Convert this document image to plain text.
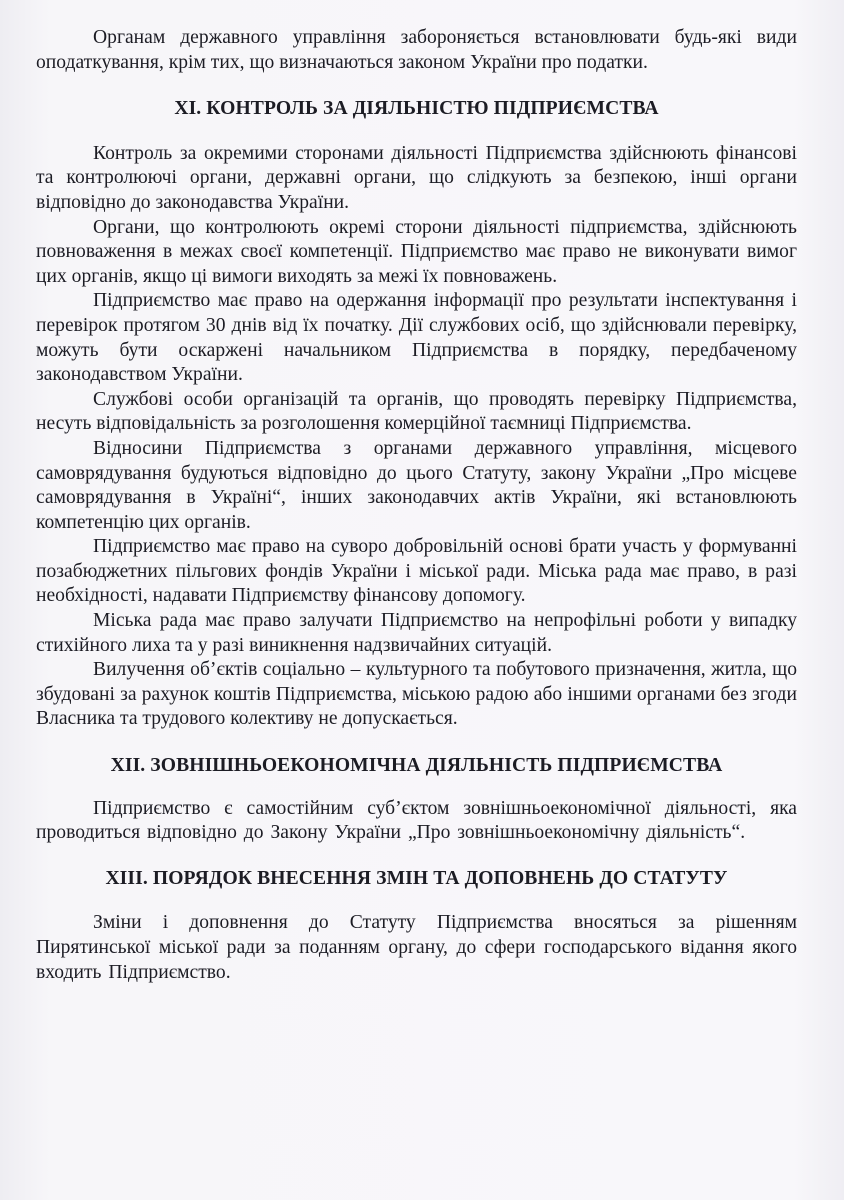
Органам державного управління забороняється встановлювати будь-які види оподаткування, крім тих, що визначаються законом України про податки.

XI. КОНТРОЛЬ ЗА ДІЯЛЬНІСТЮ ПІДПРИЄМСТВА

Контроль за окремими сторонами діяльності Підприємства здійснюють фінансові та контролюючі органи, державні органи, що слідкують за безпекою, інші органи відповідно до законодавства України.

Органи, що контролюють окремі сторони діяльності підприємства, здійснюють повноваження в межах своєї компетенції. Підприємство має право не виконувати вимог цих органів, якщо ці вимоги виходять за межі їх повноважень.

Підприємство має право на одержання інформації про результати інспектування і перевірок протягом 30 днів від їх початку. Дії службових осіб, що здійснювали перевірку, можуть бути оскаржені начальником Підприємства в порядку, передбаченому законодавством України.

Службові особи організацій та органів, що проводять перевірку Підприємства, несуть відповідальність за розголошення комерційної таємниці Підприємства.

Відносини Підприємства з органами державного управління, місцевого самоврядування будуються відповідно до цього Статуту, закону України „Про місцеве самоврядування в Україні“, інших законодавчих актів України, які встановлюють компетенцію цих органів.

Підприємство має право на суворо добровільній основі брати участь у формуванні позабюджетних пільгових фондів України і міської ради. Міська рада має право, в разі необхідності, надавати Підприємству фінансову допомогу.

Міська рада має право залучати Підприємство на непрофільні роботи у випадку стихійного лиха та у разі виникнення надзвичайних ситуацій.

Вилучення об’єктів соціально – культурного та побутового призначення, житла, що збудовані за рахунок коштів Підприємства, міською радою або іншими органами без згоди Власника та трудового колективу не допускається.

XII. ЗОВНІШНЬОЕКОНОМІЧНА ДІЯЛЬНІСТЬ ПІДПРИЄМСТВА

Підприємство є самостійним суб’єктом зовнішньоекономічної діяльності, яка проводиться відповідно до Закону України „Про зовнішньоекономічну діяльність“.

XIII. ПОРЯДОК ВНЕСЕННЯ ЗМІН ТА ДОПОВНЕНЬ ДО СТАТУТУ

Зміни і доповнення до Статуту Підприємства вносяться за рішенням Пирятинської міської ради за поданням органу, до сфери господарського відання якого входить Підприємство.
